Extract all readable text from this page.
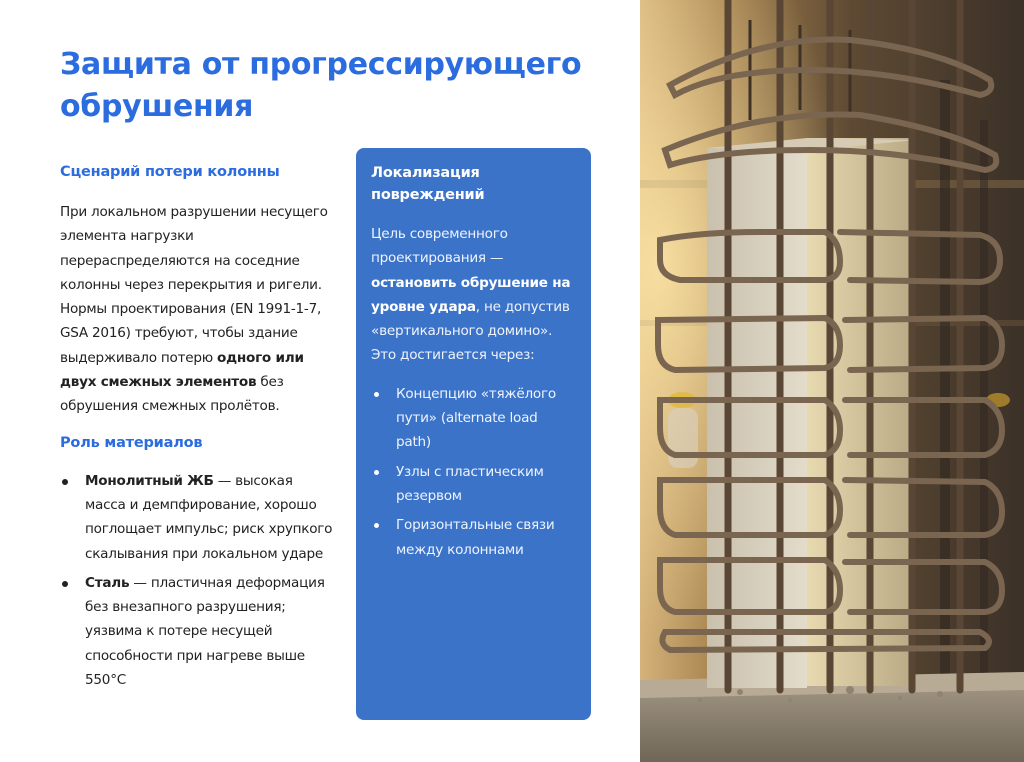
Защита от прогрессирующего обрушения
Сценарий потери колонны

При локальном разрушении несущего элемента нагрузки перераспределяются на соседние колонны через перекрытия и ригели. Нормы проектирования (EN 1991-1-7, GSA 2016) требуют, чтобы здание выдерживало потерю одного или двух смежных элементов без обрушения смежных пролётов.

Роль материалов
Монолитный ЖБ — высокая масса и демпфирование, хорошо поглощает импульс; риск хрупкого скалывания при локальном ударе
Сталь — пластичная деформация без внезапного разрушения; уязвима к потере несущей способности при нагреве выше 550°C
Локализация повреждений

Цель современного проектирования — остановить обрушение на уровне удара, не допустив «вертикального домино». Это достигается через:

Концепцию «тяжёлого пути» (alternate load path)
Узлы с пластическим резервом
Горизонтальные связи между колоннами
